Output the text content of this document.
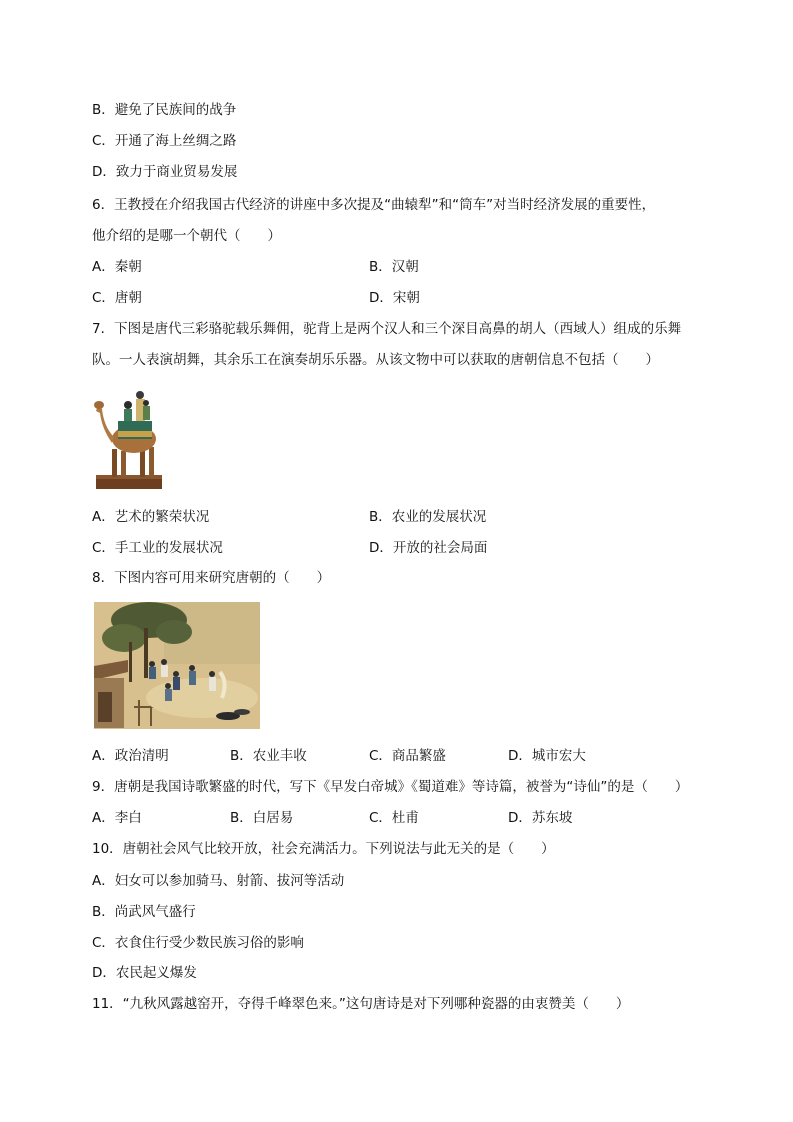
B．避免了民族间的战争
C．开通了海上丝绸之路
D．致力于商业贸易发展
6．王教授在介绍我国古代经济的讲座中多次提及“曲辕犁”和“筒车”对当时经济发展的重要性，
他介绍的是哪一个朝代（　　）
A．秦朝	B．汉朝
C．唐朝	D．宋朝
7．下图是唐代三彩骆驼载乐舞佣，驼背上是两个汉人和三个深目高鼻的胡人（西域人）组成的乐舞
队。一人表演胡舞，其余乐工在演奏胡乐乐器。从该文物中可以获取的唐朝信息不包括（　　）
A．艺术的繁荣状况	B．农业的发展状况
C．手工业的发展状况	D．开放的社会局面
8．下图内容可用来研究唐朝的（　　）
A．政治清明	B．农业丰收	C．商品繁盛	D．城市宏大
9．唐朝是我国诗歌繁盛的时代，写下《早发白帝城》《蜀道难》等诗篇，被誉为“诗仙”的是（　　）
A．李白	B．白居易	C．杜甫	D．苏东坡
10．唐朝社会风气比较开放，社会充满活力。下列说法与此无关的是（　　）
A．妇女可以参加骑马、射箭、拔河等活动
B．尚武风气盛行
C．衣食住行受少数民族习俗的影响
D．农民起义爆发
11．“九秋风露越窑开，夺得千峰翠色来。”这句唐诗是对下列哪种瓷器的由衷赞美（　　）
